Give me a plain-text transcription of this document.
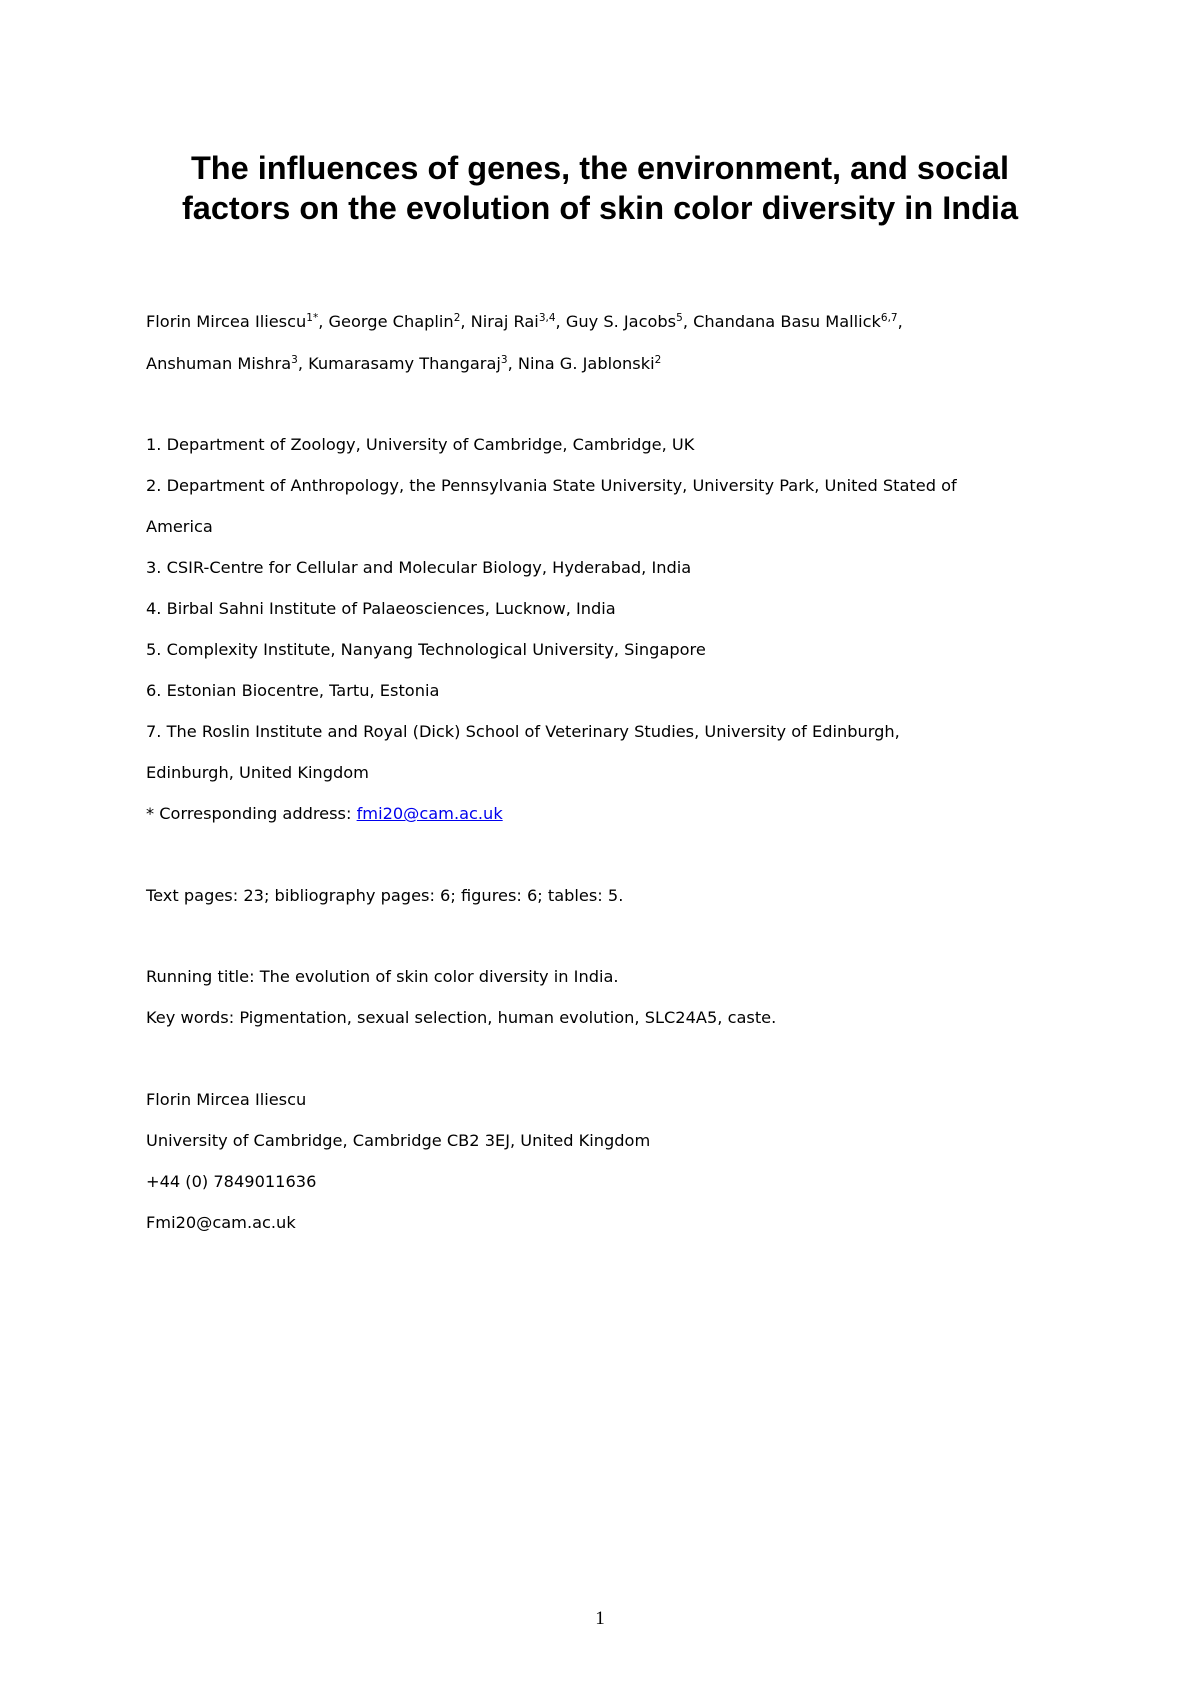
The influences of genes, the environment, and social
factors on the evolution of skin color diversity in India
Florin Mircea Iliescu$^{1*}$, George Chaplin$^2$, Niraj Rai$^{3,4}$, Guy S. Jacobs$^5$, Chandana Basu Mallick$^{6,7}$,
Anshuman Mishra$^3$, Kumarasamy Thangaraj$^3$, Nina G. Jablonski$^2$
1. Department of Zoology, University of Cambridge, Cambridge, UK
2. Department of Anthropology, the Pennsylvania State University, University Park, United Stated of
America
3. CSIR-Centre for Cellular and Molecular Biology, Hyderabad, India
4. Birbal Sahni Institute of Palaeosciences, Lucknow, India
5. Complexity Institute, Nanyang Technological University, Singapore
6. Estonian Biocentre, Tartu, Estonia
7. The Roslin Institute and Royal (Dick) School of Veterinary Studies, University of Edinburgh,
Edinburgh, United Kingdom
* Corresponding address: fmi20@cam.ac.uk
Text pages: 23; bibliography pages: 6; figures: 6; tables: 5.
Running title: The evolution of skin color diversity in India.
Key words: Pigmentation, sexual selection, human evolution, SLC24A5, caste.
Florin Mircea Iliescu
University of Cambridge, Cambridge CB2 3EJ, United Kingdom
+44 (0) 7849011636
Fmi20@cam.ac.uk
1
